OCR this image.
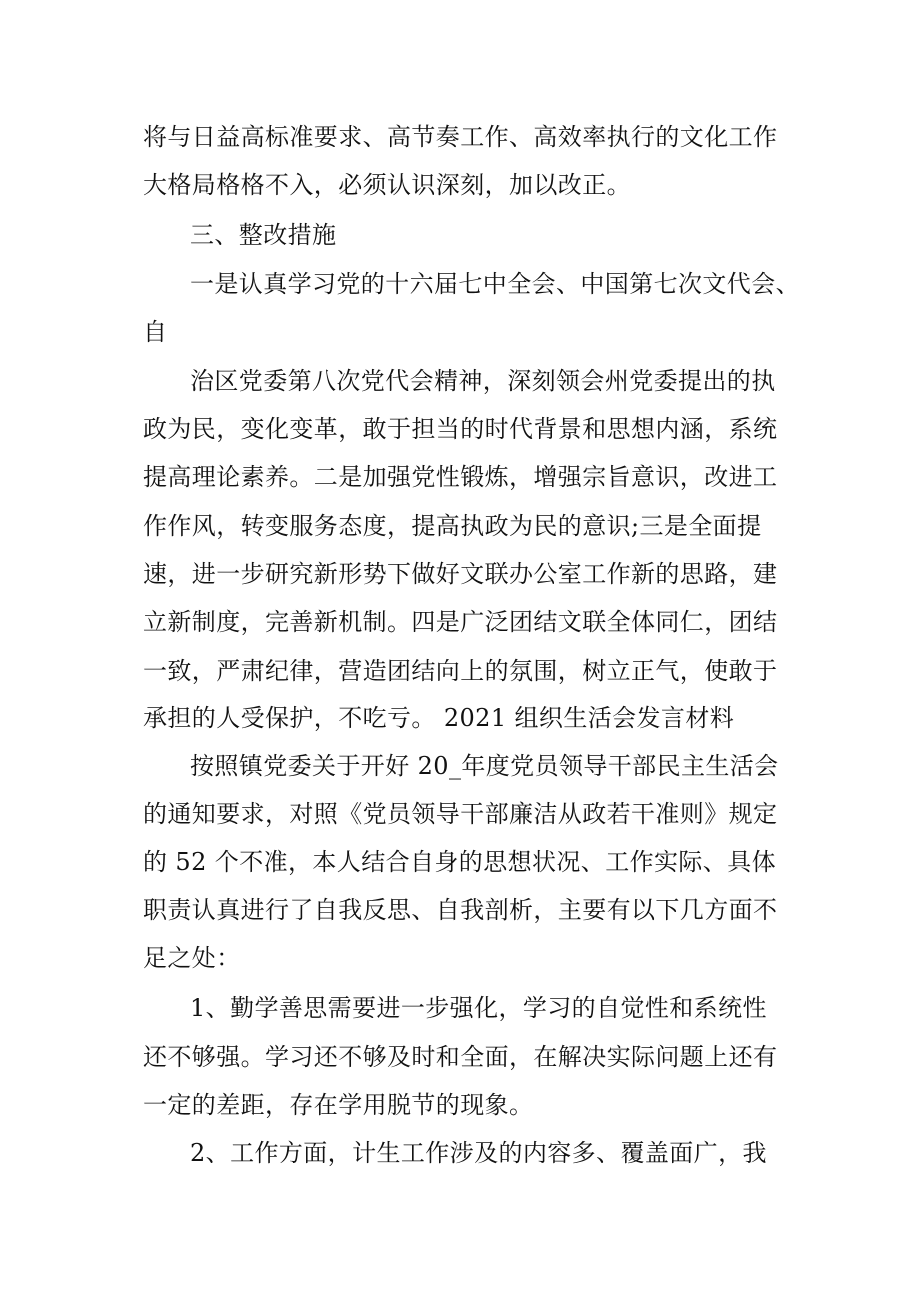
将与日益高标准要求、高节奏工作、高效率执行的文化工作
大格局格格不入，必须认识深刻，加以改正。
三、整改措施
一是认真学习党的十六届七中全会、中国第七次文代会、
自
治区党委第八次党代会精神，深刻领会州党委提出的执
政为民，变化变革，敢于担当的时代背景和思想内涵，系统
提高理论素养。二是加强党性锻炼，增强宗旨意识，改进工
作作风，转变服务态度，提高执政为民的意识;三是全面提
速，进一步研究新形势下做好文联办公室工作新的思路，建
立新制度，完善新机制。四是广泛团结文联全体同仁，团结
一致，严肃纪律，营造团结向上的氛围，树立正气，使敢于
承担的人受保护，不吃亏。 2021 组织生活会发言材料
按照镇党委关于开好 20_年度党员领导干部民主生活会
的通知要求，对照《党员领导干部廉洁从政若干准则》规定
的 52 个不准，本人结合自身的思想状况、工作实际、具体
职责认真进行了自我反思、自我剖析，主要有以下几方面不
足之处：
1、勤学善思需要进一步强化，学习的自觉性和系统性
还不够强。学习还不够及时和全面，在解决实际问题上还有
一定的差距，存在学用脱节的现象。
2、工作方面，计生工作涉及的内容多、覆盖面广，我
